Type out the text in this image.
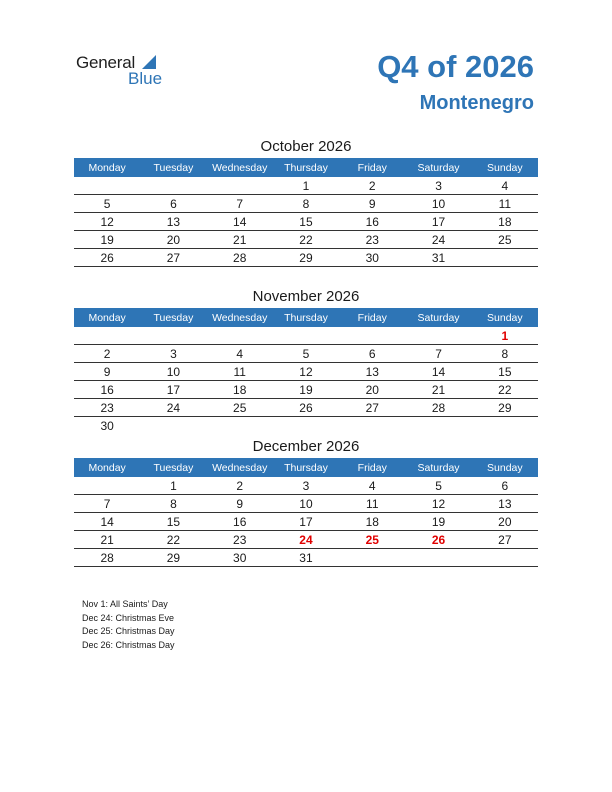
General
Blue	Q4 of 2026
Montenegro
October 2026
Monday	Tuesday	Wednesday	Thursday	Friday	Saturday	Sunday
			1	2	3	4
5	6	7	8	9	10	11
12	13	14	15	16	17	18
19	20	21	22	23	24	25
26	27	28	29	30	31	
November 2026
Monday	Tuesday	Wednesday	Thursday	Friday	Saturday	Sunday
						1
2	3	4	5	6	7	8
9	10	11	12	13	14	15
16	17	18	19	20	21	22
23	24	25	26	27	28	29
30						
December 2026
Monday	Tuesday	Wednesday	Thursday	Friday	Saturday	Sunday
	1	2	3	4	5	6
7	8	9	10	11	12	13
14	15	16	17	18	19	20
21	22	23	24	25	26	27
28	29	30	31			
Nov 1: All Saints’ Day
Dec 24: Christmas Eve
Dec 25: Christmas Day
Dec 26: Christmas Day
